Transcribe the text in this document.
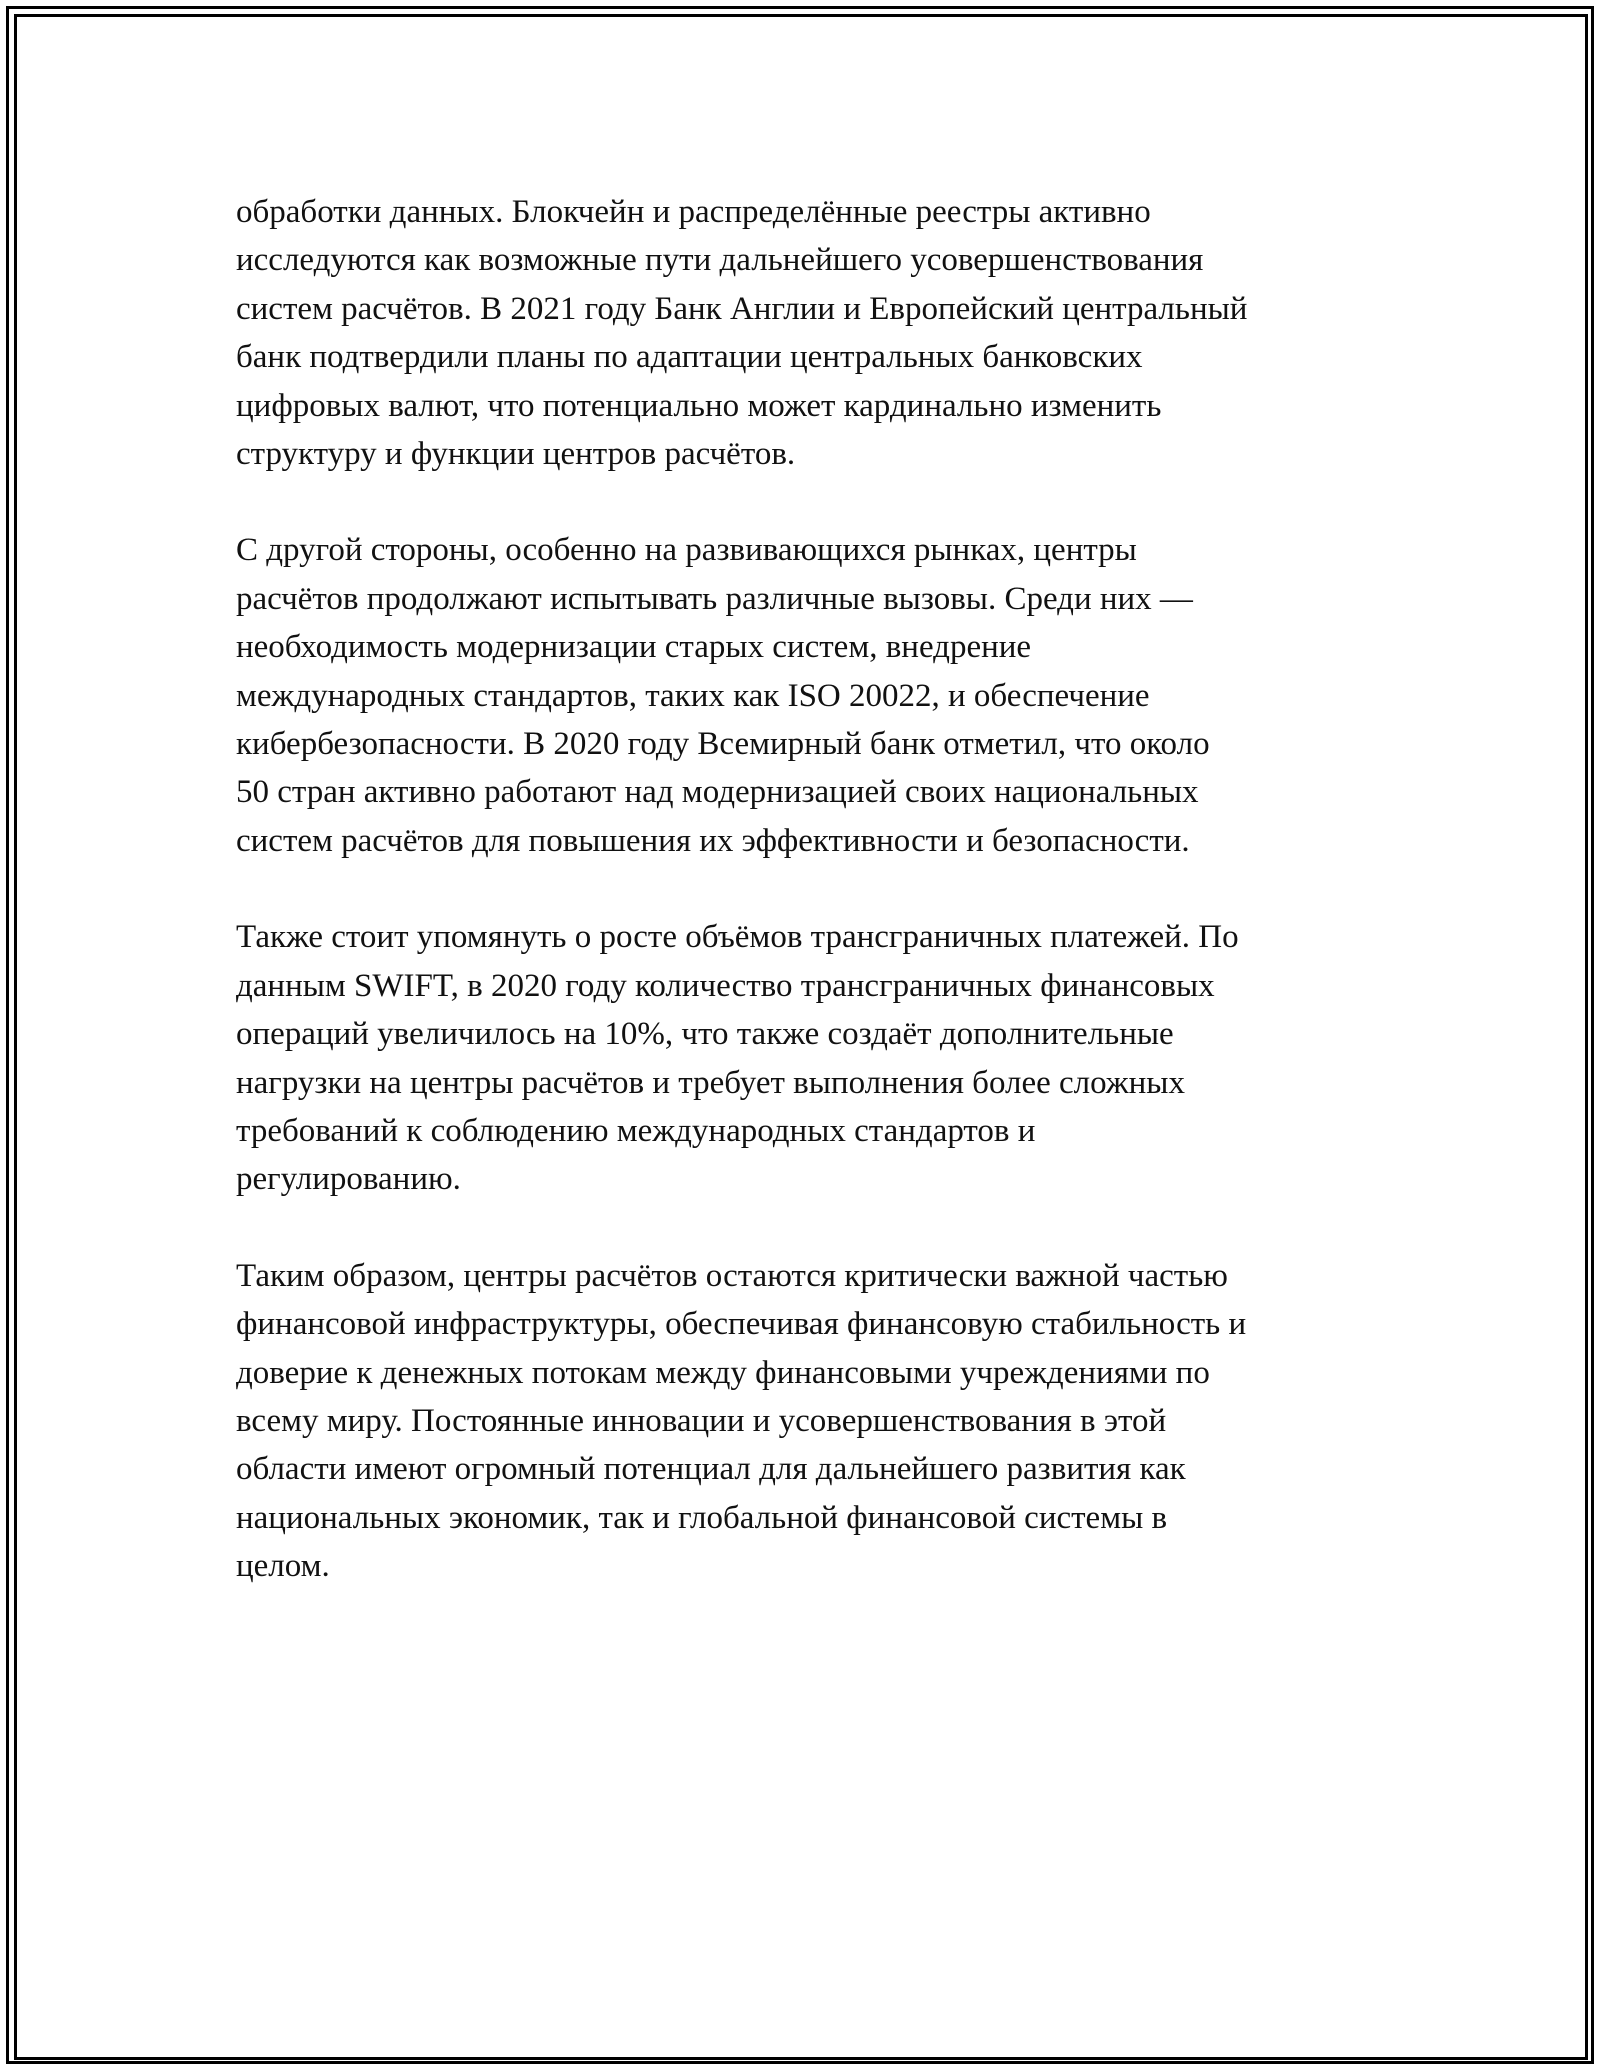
обработки данных. Блокчейн и распределённые реестры активно
исследуются как возможные пути дальнейшего усовершенствования
систем расчётов. В 2021 году Банк Англии и Европейский центральный
банк подтвердили планы по адаптации центральных банковских
цифровых валют, что потенциально может кардинально изменить
структуру и функции центров расчётов.

С другой стороны, особенно на развивающихся рынках, центры
расчётов продолжают испытывать различные вызовы. Среди них —
необходимость модернизации старых систем, внедрение
международных стандартов, таких как ISO 20022, и обеспечение
кибербезопасности. В 2020 году Всемирный банк отметил, что около
50 стран активно работают над модернизацией своих национальных
систем расчётов для повышения их эффективности и безопасности.

Также стоит упомянуть о росте объёмов трансграничных платежей. По
данным SWIFT, в 2020 году количество трансграничных финансовых
операций увеличилось на 10%, что также создаёт дополнительные
нагрузки на центры расчётов и требует выполнения более сложных
требований к соблюдению международных стандартов и
регулированию.

Таким образом, центры расчётов остаются критически важной частью
финансовой инфраструктуры, обеспечивая финансовую стабильность и
доверие к денежных потокам между финансовыми учреждениями по
всему миру. Постоянные инновации и усовершенствования в этой
области имеют огромный потенциал для дальнейшего развития как
национальных экономик, так и глобальной финансовой системы в
целом.
